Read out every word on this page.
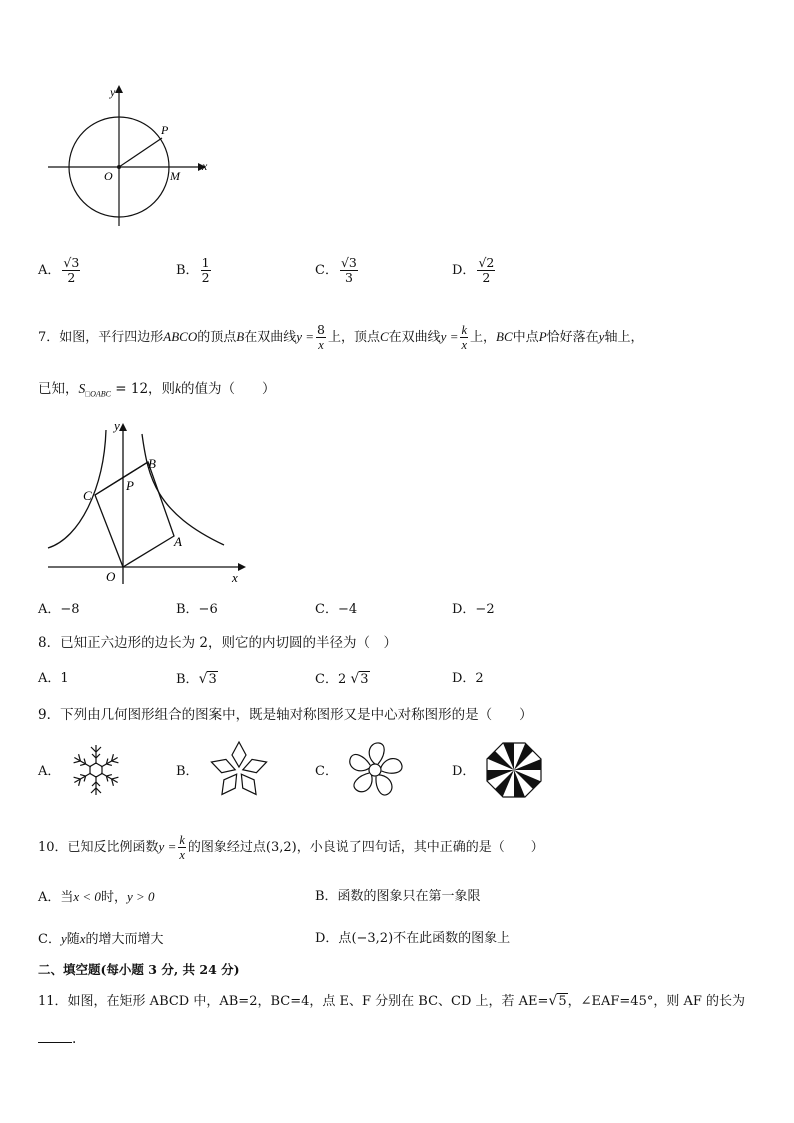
y
x
O
P
M
A． $\frac{√3}{2}$	B． $\frac{1}{2}$	C． $\frac{√3}{3}$	D． $\frac{√2}{2}$
7．如图，平行四边形ABCO的顶点B在双曲线$y = \frac{8}{x}$ 上，顶点C在双曲线$y = \frac{k}{x}$ 上，BC中点P恰好落在y轴上，
已知，$S_{□OABC} = 12$，则k的值为（　　）
y
x
O
A
B
C
P
A．−8	B．−6	C．−4	D．−2
8．已知正六边形的边长为 2，则它的内切圆的半径为（　）
A．1	B．√3	C．2 √3	D．2
9．下列由几何图形组合的图案中，既是轴对称图形又是中心对称图形的是（　　）
A．	B．	C．	D．
10．已知反比例函数$y = \frac{k}{x}$ 的图象经过点(3,2)，小良说了四句话，其中正确的是（　　）
A．当x < 0时，y > 0	B．函数的图象只在第一象限
C．y随x的增大而增大	D．点(−3,2)不在此函数的图象上
二、填空题(每小题 3 分, 共 24 分)
11．如图，在矩形 ABCD 中，AB=2，BC=4，点 E、F 分别在 BC、CD 上，若 AE=√5，∠EAF=45°，则 AF 的长为
.
